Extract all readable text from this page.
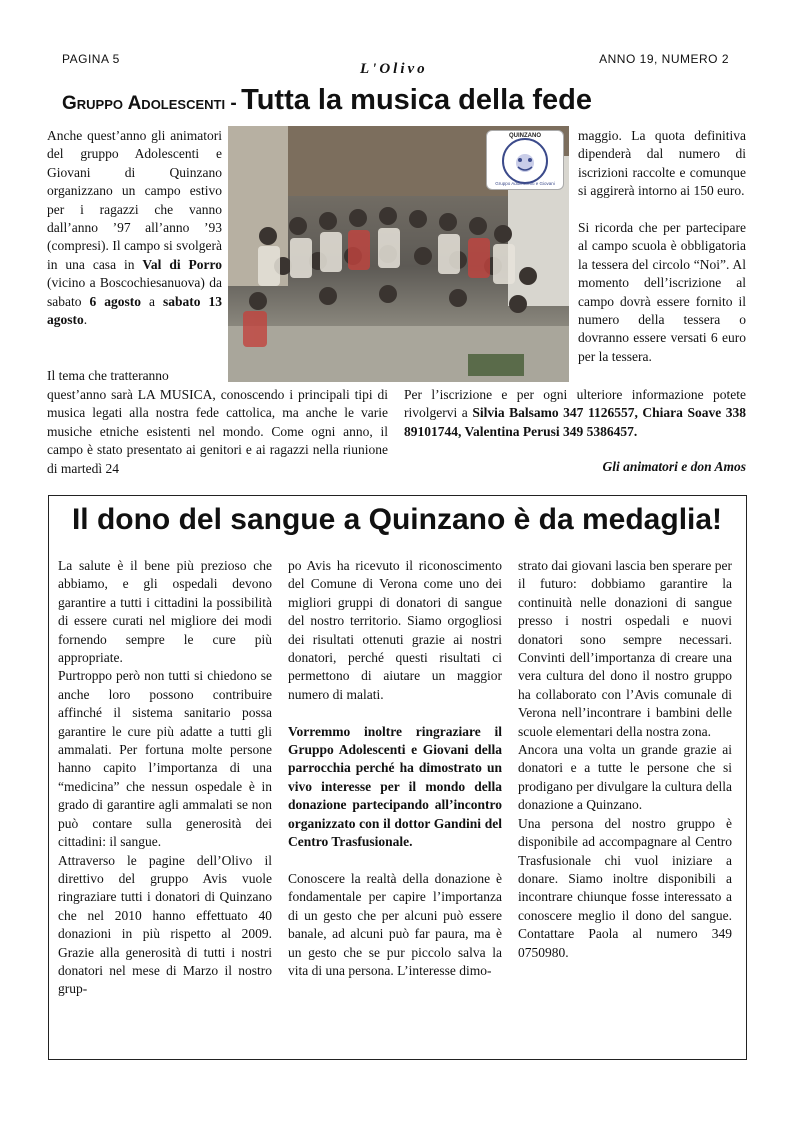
PAGINA 5
L'Olivo
ANNO 19, NUMERO 2
Gruppo Adolescenti - Tutta la musica della fede

Anche quest’anno gli animatori del gruppo Adolescenti e Giovani di Quinzano organizzano un campo estivo per i ragazzi che vanno dall’anno ’97 all’anno ’93 (compresi). Il campo si svolgerà in una casa in Val di Porro (vicino a Boscochiesanuova) da sabato 6 agosto a sabato 13 agosto.

Il tema che tratteranno

QUINZANO
Gruppo Adolescenti e Giovani

maggio. La quota definitiva dipenderà dal numero di iscrizioni raccolte e comunque si aggirerà intorno ai 150 euro.

Si ricorda che per partecipare al campo scuola è obbligatoria la tessera del circolo “Noi”. Al momento dell’iscrizione al campo dovrà essere fornito il numero della tessera o dovranno essere versati 6 euro per la tessera.

quest’anno sarà LA MUSICA, conoscendo i principali tipi di musica legati alla nostra fede cattolica, ma anche le varie musiche etniche esistenti nel mondo. Come ogni anno, il campo è stato presentato ai genitori e ai ragazzi nella riunione di martedì 24

Per l’iscrizione e per ogni ulteriore informazione potete rivolgervi a Silvia Balsamo 347 1126557, Chiara Soave 338 89101744, Valentina Perusi 349 5386457.

Gli animatori e don Amos
Il dono del sangue a Quinzano è da medaglia!

La salute è il bene più prezioso che abbiamo, e gli ospedali devono garantire a tutti i cittadini la possibilità di essere curati nel migliore dei modi fornendo sempre le cure più appropriate.

Purtroppo però non tutti si chiedono se anche loro possono contribuire affinché il sistema sanitario possa garantire le cure più adatte a tutti gli ammalati. Per fortuna molte persone hanno capito l’importanza di una “medicina” che nessun ospedale è in grado di garantire agli ammalati se non può contare sulla generosità dei cittadini: il sangue.

Attraverso le pagine dell’Olivo il direttivo del gruppo Avis vuole ringraziare tutti i donatori di Quinzano che nel 2010 hanno effettuato 40 donazioni in più rispetto al 2009. Grazie alla generosità di tutti i nostri donatori nel mese di Marzo il nostro grup-

po Avis ha ricevuto il riconoscimento del Comune di Verona come uno dei migliori gruppi di donatori di sangue del nostro territorio. Siamo orgogliosi dei risultati ottenuti grazie ai nostri donatori, perché questi risultati ci permettono di aiutare un maggior numero di malati.

Vorremmo inoltre ringraziare il Gruppo Adolescenti e Giovani della parrocchia perché ha dimostrato un vivo interesse per il mondo della donazione partecipando all’incontro organizzato con il dottor Gandini del Centro Trasfusionale.

Conoscere la realtà della donazione è fondamentale per capire l’importanza di un gesto che per alcuni può essere banale, ad alcuni può far paura, ma è un gesto che se pur piccolo salva la vita di una persona. L’interesse dimo-

strato dai giovani lascia ben sperare per il futuro: dobbiamo garantire la continuità nelle donazioni di sangue presso i nostri ospedali e nuovi donatori sono sempre necessari. Convinti dell’importanza di creare una vera cultura del dono il nostro gruppo ha collaborato con l’Avis comunale di Verona nell’incontrare i bambini delle scuole elementari della nostra zona.

Ancora una volta un grande grazie ai donatori e a tutte le persone che si prodigano per divulgare la cultura della donazione a Quinzano.

Una persona del nostro gruppo è disponibile ad accompagnare al Centro Trasfusionale chi vuol iniziare a donare. Siamo inoltre disponibili a incontrare chiunque fosse interessato a conoscere meglio il dono del sangue. Contattare Paola al numero 349 0750980.
